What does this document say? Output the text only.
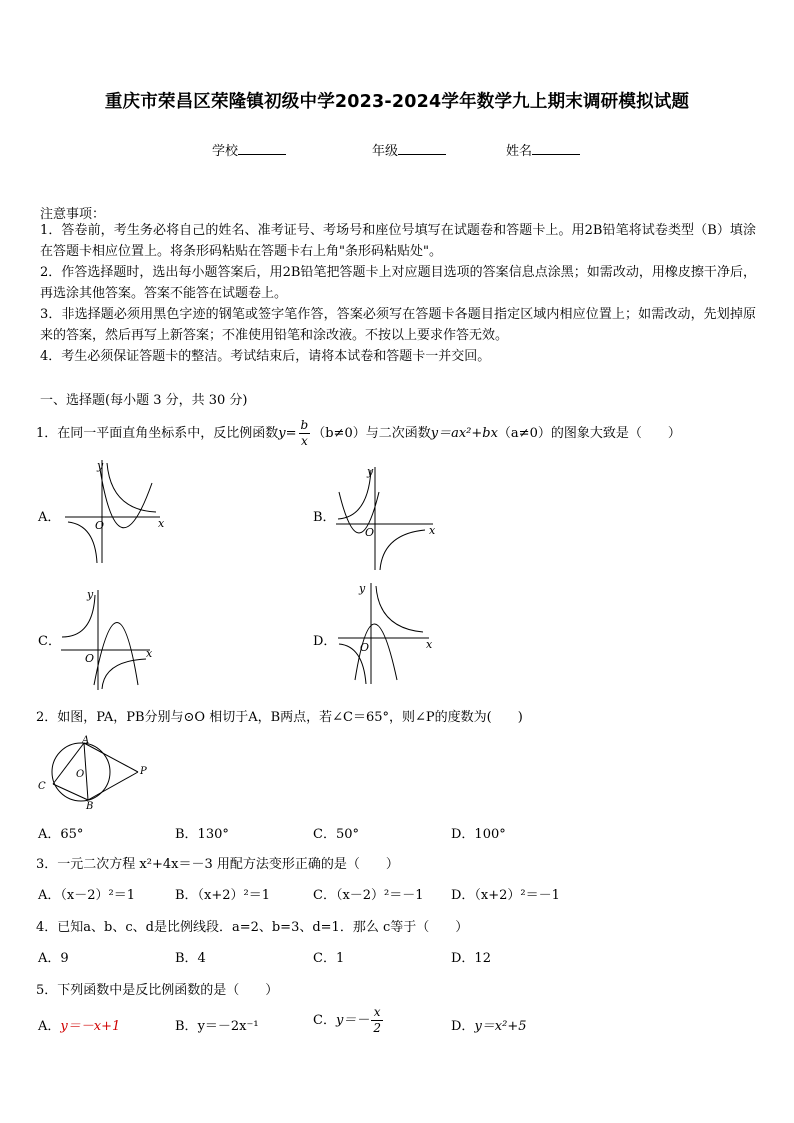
重庆市荣昌区荣隆镇初级中学2023-2024学年数学九上期末调研模拟试题
学校	年级	姓名
注意事项：
1．答卷前，考生务必将自己的姓名、准考证号、考场号和座位号填写在试题卷和答题卡上。用2B铅笔将试卷类型（B）填涂在答题卡相应位置上。将条形码粘贴在答题卡右上角"条形码粘贴处"。
2．作答选择题时，选出每小题答案后，用2B铅笔把答题卡上对应题目选项的答案信息点涂黑；如需改动，用橡皮擦干净后，再选涂其他答案。答案不能答在试题卷上。
3．非选择题必须用黑色字迹的钢笔或签字笔作答，答案必须写在答题卡各题目指定区域内相应位置上；如需改动，先划掉原来的答案，然后再写上新答案；不准使用铅笔和涂改液。不按以上要求作答无效。
4．考生必须保证答题卡的整洁。考试结束后，请将本试卷和答题卡一并交回。
一、选择题(每小题 3 分，共 30 分)
1．在同一平面直角坐标系中，反比例函数$y= \frac{b}{x} (b\ne 0)$与二次函数y＝ax²+bx（a≠0）的图象大致是（　　）
A．	B．
C．	D．
x
y
O	x
y
O
x
y
O
x
y
O
2．如图，PA，PB分别与⊙O 相切于A，B两点，若∠C＝65°，则∠P的度数为(　　)
A
B
C
O	P
A．65°	B．130°	C．50°	D．100°
3．一元二次方程 x²+4x＝－3 用配方法变形正确的是（　　）
A．（x－2）²＝1	B．（x+2）²＝1	C．（x－2）²＝－1 D．（x+2）²＝－1
4．已知a、b、c、d是比例线段．a=2、b=3、d=1．那么 c等于（　　）
A．9	B．4	C．1	D．12
5．下列函数中是反比例函数的是（　　）
A．y＝－x+1	B．y＝－2x⁻¹	C．$y=- \frac{x}{2}$	D．y＝x²+5
